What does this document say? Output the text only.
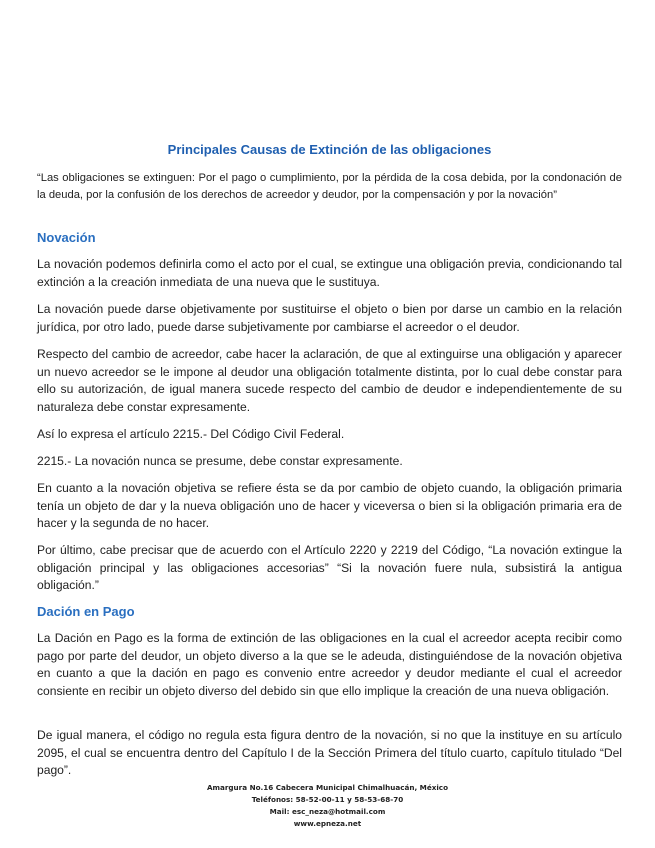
Principales Causas de Extinción de las obligaciones
“Las obligaciones se extinguen: Por el pago o cumplimiento, por la pérdida de la cosa debida, por la condonación de la deuda, por la confusión de los derechos de acreedor y deudor, por la compensación y por la novación”
Novación
La novación podemos definirla como el acto por el cual, se extingue una obligación previa, condicionando tal extinción a la creación inmediata de una nueva que le sustituya.
La novación puede darse objetivamente por sustituirse el objeto o bien por darse un cambio en la relación jurídica, por otro lado, puede darse subjetivamente por cambiarse el acreedor o el deudor.
Respecto del cambio de acreedor, cabe hacer la aclaración, de que al extinguirse una obligación y aparecer un nuevo acreedor se le impone al deudor una obligación totalmente distinta, por lo cual debe constar para ello su autorización, de igual manera sucede respecto del cambio de deudor e independientemente de su naturaleza debe constar expresamente.
Así lo expresa el artículo 2215.- Del Código Civil Federal.
2215.- La novación nunca se presume, debe constar expresamente.
En cuanto a la novación objetiva se refiere ésta se da por cambio de objeto cuando, la obligación primaria tenía un objeto de dar y la nueva obligación uno de hacer y viceversa o bien si la obligación primaria era de hacer y la segunda de no hacer.
Por último, cabe precisar que de acuerdo con el Artículo 2220 y 2219 del Código, “La novación extingue la obligación principal y las obligaciones accesorias” “Si la novación fuere nula, subsistirá la antigua obligación.”
Dación en Pago
La Dación en Pago es la forma de extinción de las obligaciones en la cual el acreedor acepta recibir como pago por parte del deudor, un objeto diverso a la que se le adeuda, distinguiéndose de la novación objetiva en cuanto a que la dación en pago es convenio entre acreedor y deudor mediante el cual el acreedor consiente en recibir un objeto diverso del debido sin que ello implique la creación de una nueva obligación.
De igual manera, el código no regula esta figura dentro de la novación, si no que la instituye en su artículo 2095, el cual se encuentra dentro del Capítulo I de la Sección Primera del título cuarto, capítulo titulado “Del pago”.
Amargura No.16 Cabecera Municipal Chimalhuacán, México
Teléfonos: 58-52-00-11 y 58-53-68-70
Mail: esc_neza@hotmail.com
www.epneza.net
